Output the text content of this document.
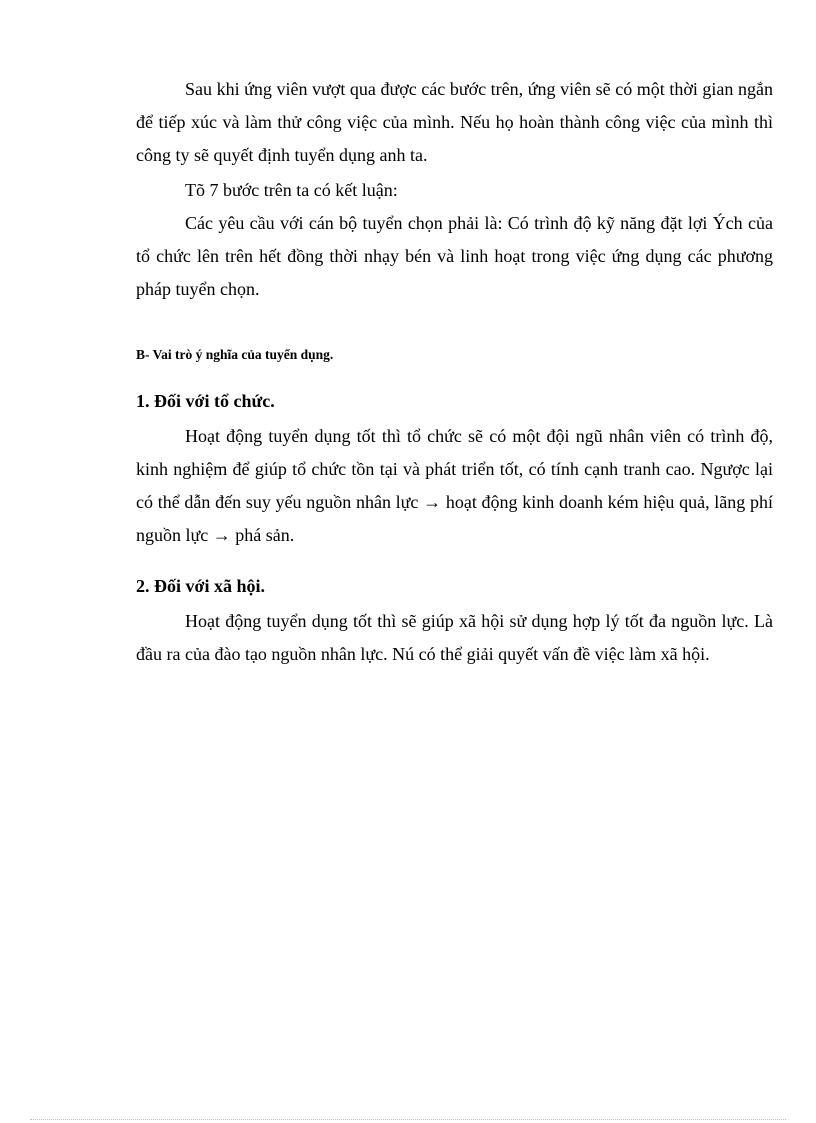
Sau khi ứng viên vượt qua được các bước trên, ứng viên sẽ có một thời gian ngắn để tiếp xúc và làm thử công việc của mình. Nếu họ hoàn thành công việc của mình thì công ty sẽ quyết định tuyển dụng anh ta.
Tõ 7 bước trên ta có kết luận:
Các yêu cầu với cán bộ tuyển chọn phải là: Có trình độ kỹ năng đặt lợi Ých của tổ chức lên trên hết đồng thời nhạy bén và linh hoạt trong việc ứng dụng các phương pháp tuyển chọn.
B- Vai trò ý nghĩa của tuyển dụng.
1. Đối với tổ chức.
Hoạt động tuyển dụng tốt thì tổ chức sẽ có một đội ngũ nhân viên có trình độ, kinh nghiệm để giúp tổ chức tồn tại và phát triển tốt, có tính cạnh tranh cao. Ngược lại có thể dẫn đến suy yếu nguồn nhân lực → hoạt động kinh doanh kém hiệu quả, lãng phí nguồn lực → phá sản.
2. Đối với xã hội.
Hoạt động tuyển dụng tốt thì sẽ giúp xã hội sử dụng hợp lý tốt đa nguồn lực. Là đầu ra của đào tạo nguồn nhân lực. Nú có thể giải quyết vấn đề việc làm xã hội.
